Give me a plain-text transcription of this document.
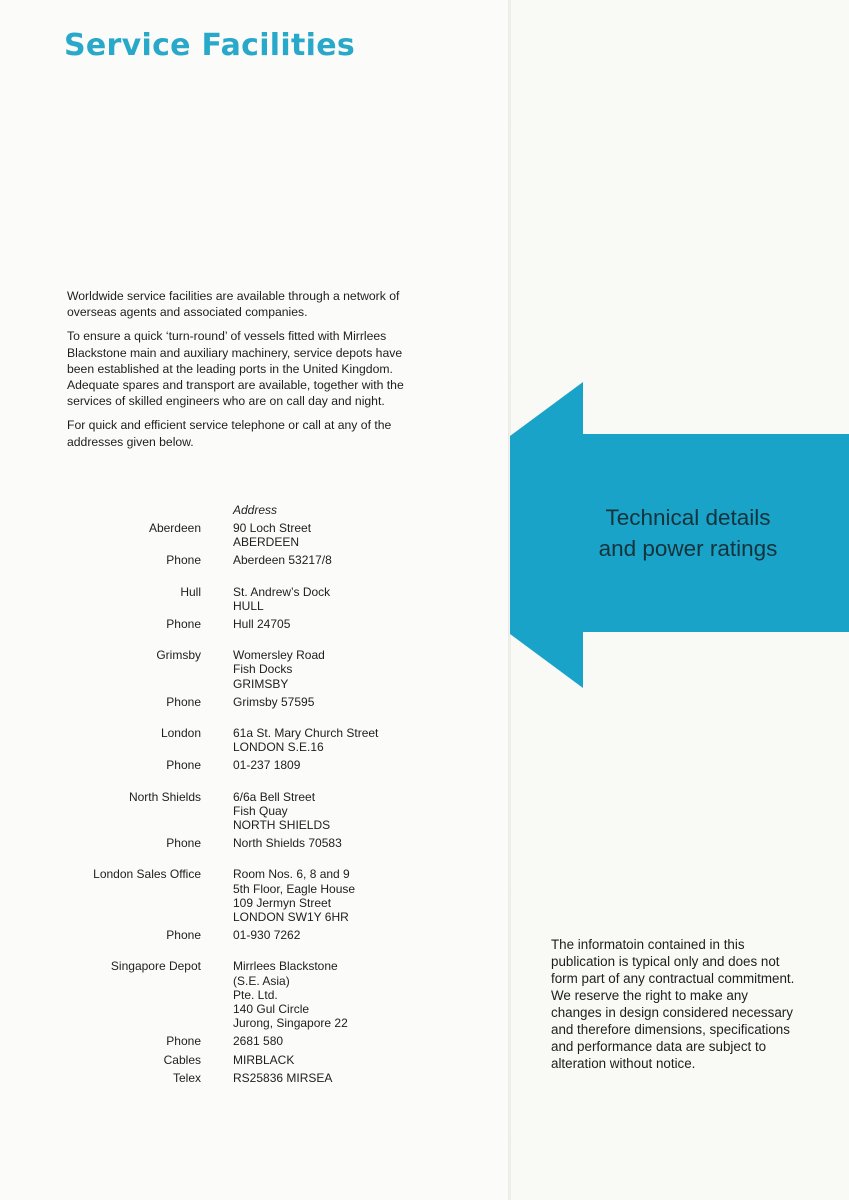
Service Facilities

Worldwide service facilities are available through a network of overseas agents and associated companies.

To ensure a quick ‘turn-round’ of vessels fitted with Mirrlees Blackstone main and auxiliary machinery, service depots have been established at the leading ports in the United Kingdom. Adequate spares and transport are available, together with the services of skilled engineers who are on call day and night.

For quick and efficient service telephone or call at any of the addresses given below.

Address
Aberdeen	90 Loch Street
ABERDEEN
Phone	Aberdeen 53217/8
Hull	St. Andrew’s Dock
HULL
Phone	Hull 24705
Grimsby	Womersley Road
Fish Docks
GRIMSBY
Phone	Grimsby 57595
London	61a St. Mary Church Street
LONDON S.E.16
Phone	01-237 1809
North Shields	6/6a Bell Street
Fish Quay
NORTH SHIELDS
Phone	North Shields 70583
London Sales Office	Room Nos. 6, 8 and 9
5th Floor, Eagle House
109 Jermyn Street
LONDON SW1Y 6HR
Phone	01-930 7262
Singapore Depot	Mirrlees Blackstone
(S.E. Asia)
Pte. Ltd.
140 Gul Circle
Jurong, Singapore 22
Phone	2681 580
Cables	MIRBLACK
Telex	RS25836 MIRSEA
Technical details
and power ratings
The informatoin contained in this publication is typical only and does not form part of any contractual commitment. We reserve the right to make any changes in design considered necessary and therefore dimensions, specifications and performance data are subject to alteration without notice.
